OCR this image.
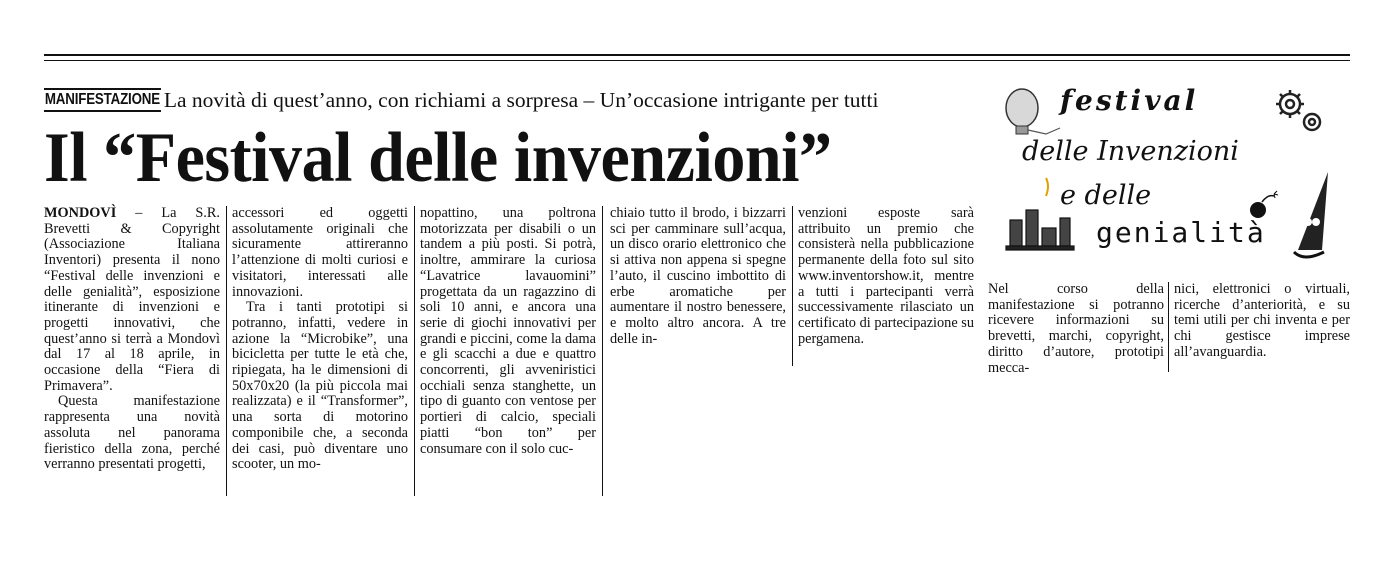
MANIFESTAZIONE La novità di quest’anno, con richiami a sorpresa – Un’occasione intrigante per tutti
Il “Festival delle invenzioni”

MONDOVÌ – La S.R. Brevetti & Copyright (Associazione Italiana Inventori) presenta il nono “Festival delle invenzioni e delle genialità”, esposizione itinerante di invenzioni e progetti innovativi, che quest’anno si terrà a Mondovì dal 17 al 18 aprile, in occasione della “Fiera di Primavera”.

Questa manifestazione rappresenta una novità assoluta nel panorama fieristico della zona, perché verranno presentati progetti,

accessori ed oggetti assolutamente originali che sicuramente attireranno l’attenzione di molti curiosi e visitatori, interessati alle innovazioni.

Tra i tanti prototipi si potranno, infatti, vedere in azione la “Microbike”, una bicicletta per tutte le età che, ripiegata, ha le dimensioni di 50x70x20 (la più piccola mai realizzata) e il “Transformer”, una sorta di motorino componibile che, a seconda dei casi, può diventare uno scooter, un mo-

nopattino, una poltrona motorizzata per disabili o un tandem a più posti. Si potrà, inoltre, ammirare la curiosa “Lavatrice lavauomini” progettata da un ragazzino di soli 10 anni, e ancora una serie di giochi innovativi per grandi e piccini, come la dama e gli scacchi a due e quattro concorrenti, gli avveniristici occhiali senza stanghette, un tipo di guanto con ventose per portieri di calcio, speciali piatti “bon ton” per consumare con il solo cuc-

chiaio tutto il brodo, i bizzarri sci per camminare sull’acqua, un disco orario elettronico che si attiva non appena si spegne l’auto, il cuscino imbottito di erbe aromatiche per aumentare il nostro benessere, e molto altro ancora. A tre delle in-

venzioni esposte sarà attribuito un premio che consisterà nella pubblicazione permanente della foto sul sito www.inventorshow.it, mentre a tutti i partecipanti verrà successivamente rilasciato un certificato di partecipazione su pergamena.

festival
delle Invenzioni
e delle
genialità

Nel corso della manifestazione si potranno ricevere informazioni su brevetti, marchi, copyright, diritto d’autore, prototipi mecca-

nici, elettronici o virtuali, ricerche d’anteriorità, e su temi utili per chi inventa e per chi gestisce imprese all’avanguardia.
